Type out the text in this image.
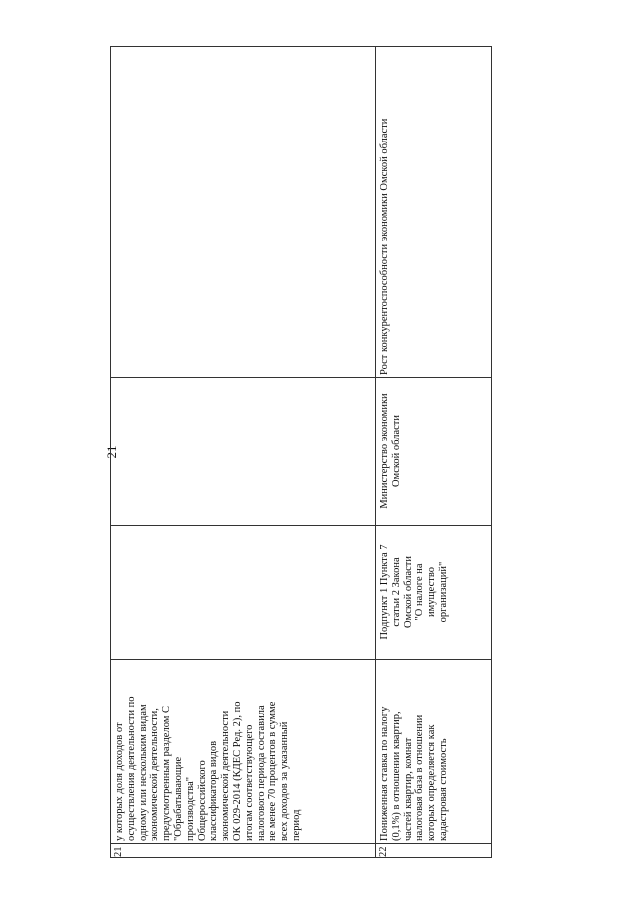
21
21
у которых доля доходов от
осуществления деятельности по
одному или нескольким видам
экономической деятельности,
предусмотренным разделом С
"Обрабатывающие
производства"
Общероссийского
классификатора видов
экономической деятельности
ОК 029-2014 (КДЕС Ред. 2), по
итогам соответствующего
налогового периода составила
не менее 70 процентов в сумме
всех доходов за указанный
период
22
Пониженная ставка по налогу
(0,1%) в отношении квартир,
частей квартир, комнат
налоговая база в отношении
которых определяется как
кадастровая стоимость
Подпункт 1 Пункта 7
статьи 2 Закона
Омской области
"О налоге на
имущество
организаций"
Министерство экономики
Омской области
Рост конкурентоспособности экономики Омской области
